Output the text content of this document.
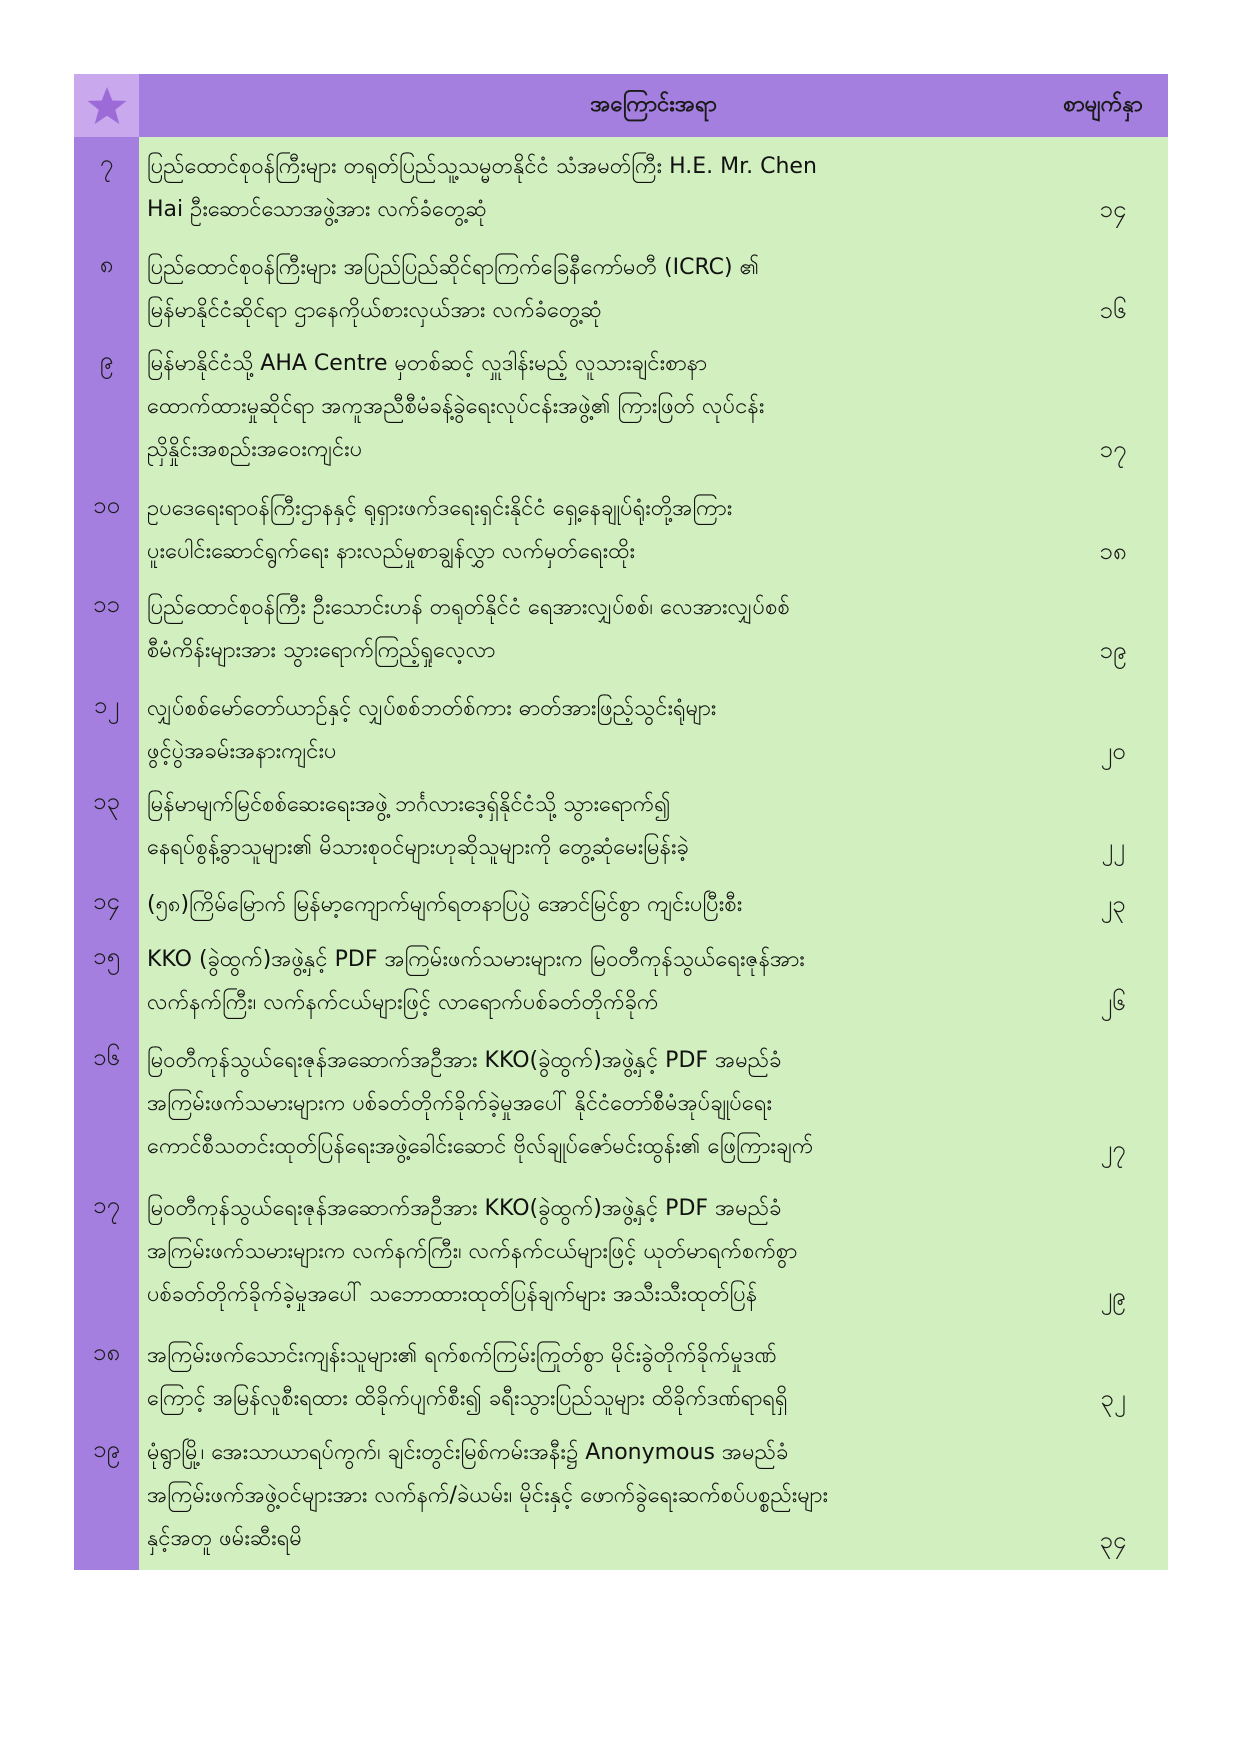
အကြောင်းအရာ	စာမျက်နှာ
၇	ပြည်ထောင်စုဝန်ကြီးများ တရုတ်ပြည်သူ့သမ္မတနိုင်ငံ သံအမတ်ကြီး H.E. Mr. Chen
Hai ဦးဆောင်သောအဖွဲ့အား လက်ခံတွေ့ဆုံ	၁၄
၈	ပြည်ထောင်စုဝန်ကြီးများ အပြည်ပြည်ဆိုင်ရာကြက်ခြေနီကော်မတီ (ICRC) ၏
မြန်မာနိုင်ငံဆိုင်ရာ ဌာနေကိုယ်စားလှယ်အား လက်ခံတွေ့ဆုံ	၁၆
၉	မြန်မာနိုင်ငံသို့ AHA Centre မှတစ်ဆင့် လှူဒါန်းမည့် လူသားချင်းစာနာ
ထောက်ထားမှုဆိုင်ရာ အကူအညီစီမံခန့်ခွဲရေးလုပ်ငန်းအဖွဲ့၏ ကြားဖြတ် လုပ်ငန်း
ညှိနှိုင်းအစည်းအဝေးကျင်းပ	၁၇
၁၀	ဥပဒေရေးရာဝန်ကြီးဌာနနှင့် ရုရှားဖက်ဒရေးရှင်းနိုင်ငံ ရှေ့နေချုပ်ရုံးတို့အကြား
ပူးပေါင်းဆောင်ရွက်ရေး နားလည်မှုစာချွန်လွှာ လက်မှတ်ရေးထိုး	၁၈
၁၁	ပြည်ထောင်စုဝန်ကြီး ဦးသောင်းဟန် တရုတ်နိုင်ငံ ရေအားလျှပ်စစ်၊ လေအားလျှပ်စစ်
စီမံကိန်းများအား သွားရောက်ကြည့်ရှုလေ့လာ	၁၉
၁၂	လျှပ်စစ်မော်တော်ယာဉ်နှင့် လျှပ်စစ်ဘတ်စ်ကား ဓာတ်အားဖြည့်သွင်းရုံများ
ဖွင့်ပွဲအခမ်းအနားကျင်းပ	၂၀
၁၃	မြန်မာမျက်မြင်စစ်ဆေးရေးအဖွဲ့ ဘင်္ဂလားဒေ့ရှ်နိုင်ငံသို့ သွားရောက်၍
နေရပ်စွန့်ခွာသူများ၏ မိသားစုဝင်များဟုဆိုသူများကို တွေ့ဆုံမေးမြန်းခဲ့	၂၂
၁၄	(၅၈)ကြိမ်မြောက် မြန်မာ့ကျောက်မျက်ရတနာပြပွဲ အောင်မြင်စွာ ကျင်းပပြီးစီး	၂၃
၁၅	KKO (ခွဲထွက်)အဖွဲ့နှင့် PDF အကြမ်းဖက်သမားများက မြဝတီကုန်သွယ်ရေးဇုန်အား
လက်နက်ကြီး၊ လက်နက်ငယ်များဖြင့် လာရောက်ပစ်ခတ်တိုက်ခိုက်	၂၆
၁၆	မြဝတီကုန်သွယ်ရေးဇုန်အဆောက်အဦအား KKO(ခွဲထွက်)အဖွဲ့နှင့် PDF အမည်ခံ
အကြမ်းဖက်သမားများက ပစ်ခတ်တိုက်ခိုက်ခဲ့မှုအပေါ် နိုင်ငံတော်စီမံအုပ်ချုပ်ရေး
ကောင်စီသတင်းထုတ်ပြန်ရေးအဖွဲ့ခေါင်းဆောင် ဗိုလ်ချုပ်ဇော်မင်းထွန်း၏ ဖြေကြားချက်	၂၇
၁၇	မြဝတီကုန်သွယ်ရေးဇုန်အဆောက်အဦအား KKO(ခွဲထွက်)အဖွဲ့နှင့် PDF အမည်ခံ
အကြမ်းဖက်သမားများက လက်နက်ကြီး၊ လက်နက်ငယ်များဖြင့် ယုတ်မာရက်စက်စွာ
ပစ်ခတ်တိုက်ခိုက်ခဲ့မှုအပေါ် သဘောထားထုတ်ပြန်ချက်များ အသီးသီးထုတ်ပြန်	၂၉
၁၈	အကြမ်းဖက်သောင်းကျန်းသူများ၏ ရက်စက်ကြမ်းကြုတ်စွာ မိုင်းခွဲတိုက်ခိုက်မှုဒဏ်
ကြောင့် အမြန်လူစီးရထား ထိခိုက်ပျက်စီး၍ ခရီးသွားပြည်သူများ ထိခိုက်ဒဏ်ရာရရှိ	၃၂
၁၉	မုံရွာမြို့၊ အေးသာယာရပ်ကွက်၊ ချင်းတွင်းမြစ်ကမ်းအနီး၌ Anonymous အမည်ခံ
အကြမ်းဖက်အဖွဲ့ဝင်များအား လက်နက်/ခဲယမ်း၊ မိုင်းနှင့် ဖောက်ခွဲရေးဆက်စပ်ပစ္စည်းများ
နှင့်အတူ ဖမ်းဆီးရမိ	၃၄
